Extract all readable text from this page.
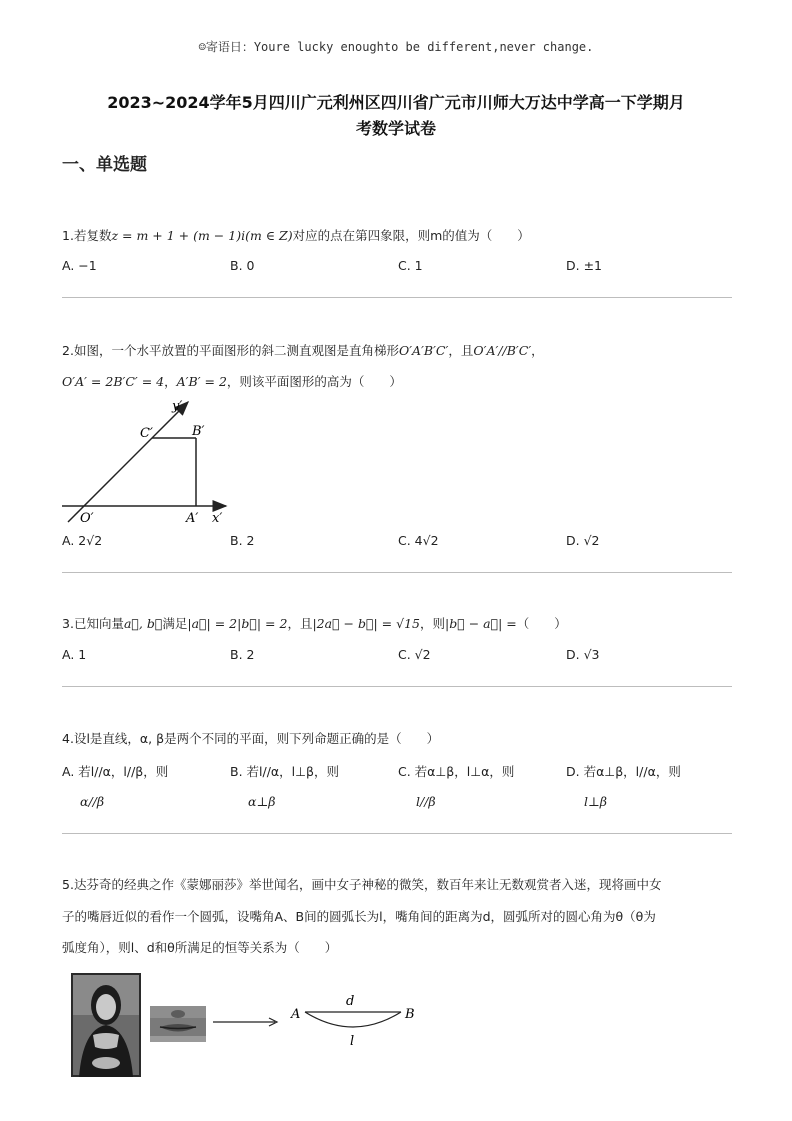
☺寄语日：Youre lucky enoughto be different,never change.
2023~2024学年5月四川广元利州区四川省广元市川师大万达中学高一下学期月
考数学试卷
一、单选题
1.若复数z = m + 1 + (m − 1)i(m ∈ Z)对应的点在第四象限，则m的值为（　　）
A. −1	B. 0	C. 1	D. ±1
2.如图，一个水平放置的平面图形的斜二测直观图是直角梯形O′A′B′C′，且O′A′//B′C′，
O′A′ = 2B′C′ = 4，A′B′ = 2，则该平面图形的高为（　　）
y′
C′	B′
O′	A′ x′
A. 2√2	B. 2	C. 4√2	D. √2
3.已知向量a⃗, b⃗满足|a⃗| = 2|b⃗| = 2，且|2a⃗ − b⃗| = √15，则|b⃗ − a⃗| =（　　）
A. 1	B. 2	C. √2	D. √3
4.设l是直线，α, β是两个不同的平面，则下列命题正确的是（　　）
A. 若l//α，l//β，则	B. 若l//α，l⊥β，则	C. 若α⊥β，l⊥α，则	D. 若α⊥β，l//α，则
α//β	α⊥β	l//β	l⊥β
5.达芬奇的经典之作《蒙娜丽莎》举世闻名，画中女子神秘的微笑，数百年来让无数观赏者入迷，现将画中女
子的嘴唇近似的看作一个圆弧，设嘴角A、B间的圆弧长为l，嘴角间的距离为d，圆弧所对的圆心角为θ（θ为
弧度角），则l、d和θ所满足的恒等关系为（　　）
A	B
d
l
